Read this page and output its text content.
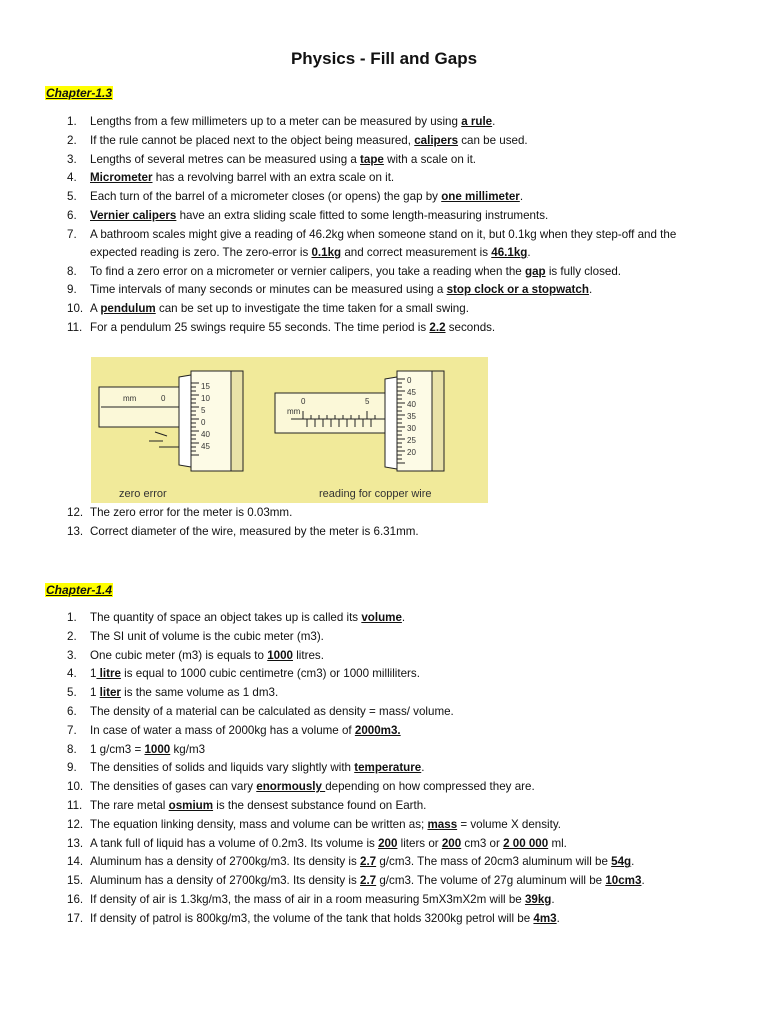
Physics - Fill and Gaps
Chapter-1.3
1.	Lengths from a few millimeters up to a meter can be measured by using a rule.
2.	If the rule cannot be placed next to the object being measured, calipers can be used.
3.	Lengths of several metres can be measured using a tape with a scale on it.
4.	Micrometer has a revolving barrel with an extra scale on it.
5.	Each turn of the barrel of a micrometer closes (or opens) the gap by one millimeter.
6.	Vernier calipers have an extra sliding scale fitted to some length-measuring instruments.
7.	A bathroom scales might give a reading of 46.2kg when someone stand on it, but 0.1kg when they step-off and the expected reading is zero. The zero-error is 0.1kg and correct measurement is 46.1kg.
8.	To find a zero error on a micrometer or vernier calipers, you take a reading when the gap is fully closed.
9.	Time intervals of many seconds or minutes can be measured using a stop clock or a stopwatch.
10. A pendulum can be set up to investigate the time taken for a small swing.
11. For a pendulum 25 swings require 55 seconds. The time period is 2.2 seconds.
mm	0
15
10
5
0
40
45
zero error
mm
0	5
0
45
40
35
30
25
20
reading for copper wire
12. The zero error for the meter is 0.03mm.
13. Correct diameter of the wire, measured by the meter is 6.31mm.
Chapter-1.4
1.	The quantity of space an object takes up is called its volume.
2.	The SI unit of volume is the cubic meter (m3).
3.	One cubic meter (m3) is equals to 1000 litres.
4.	1 litre is equal to 1000 cubic centimetre (cm3) or 1000 milliliters.
5.	1 liter is the same volume as 1 dm3.
6.	The density of a material can be calculated as density = mass/ volume.
7.	In case of water a mass of 2000kg has a volume of 2000m3.
8.	1 g/cm3 = 1000 kg/m3
9.	The densities of solids and liquids vary slightly with temperature.
10. The densities of gases can vary enormously depending on how compressed they are.
11. The rare metal osmium is the densest substance found on Earth.
12. The equation linking density, mass and volume can be written as; mass = volume X density.
13. A tank full of liquid has a volume of 0.2m3. Its volume is 200 liters or 200 cm3 or 2 00 000 ml.
14. Aluminum has a density of 2700kg/m3. Its density is 2.7 g/cm3. The mass of 20cm3 aluminum will be 54g.
15. Aluminum has a density of 2700kg/m3. Its density is 2.7 g/cm3. The volume of 27g aluminum will be 10cm3.
16. If density of air is 1.3kg/m3, the mass of air in a room measuring 5mX3mX2m will be 39kg.
17. If density of patrol is 800kg/m3, the volume of the tank that holds 3200kg petrol will be 4m3.
